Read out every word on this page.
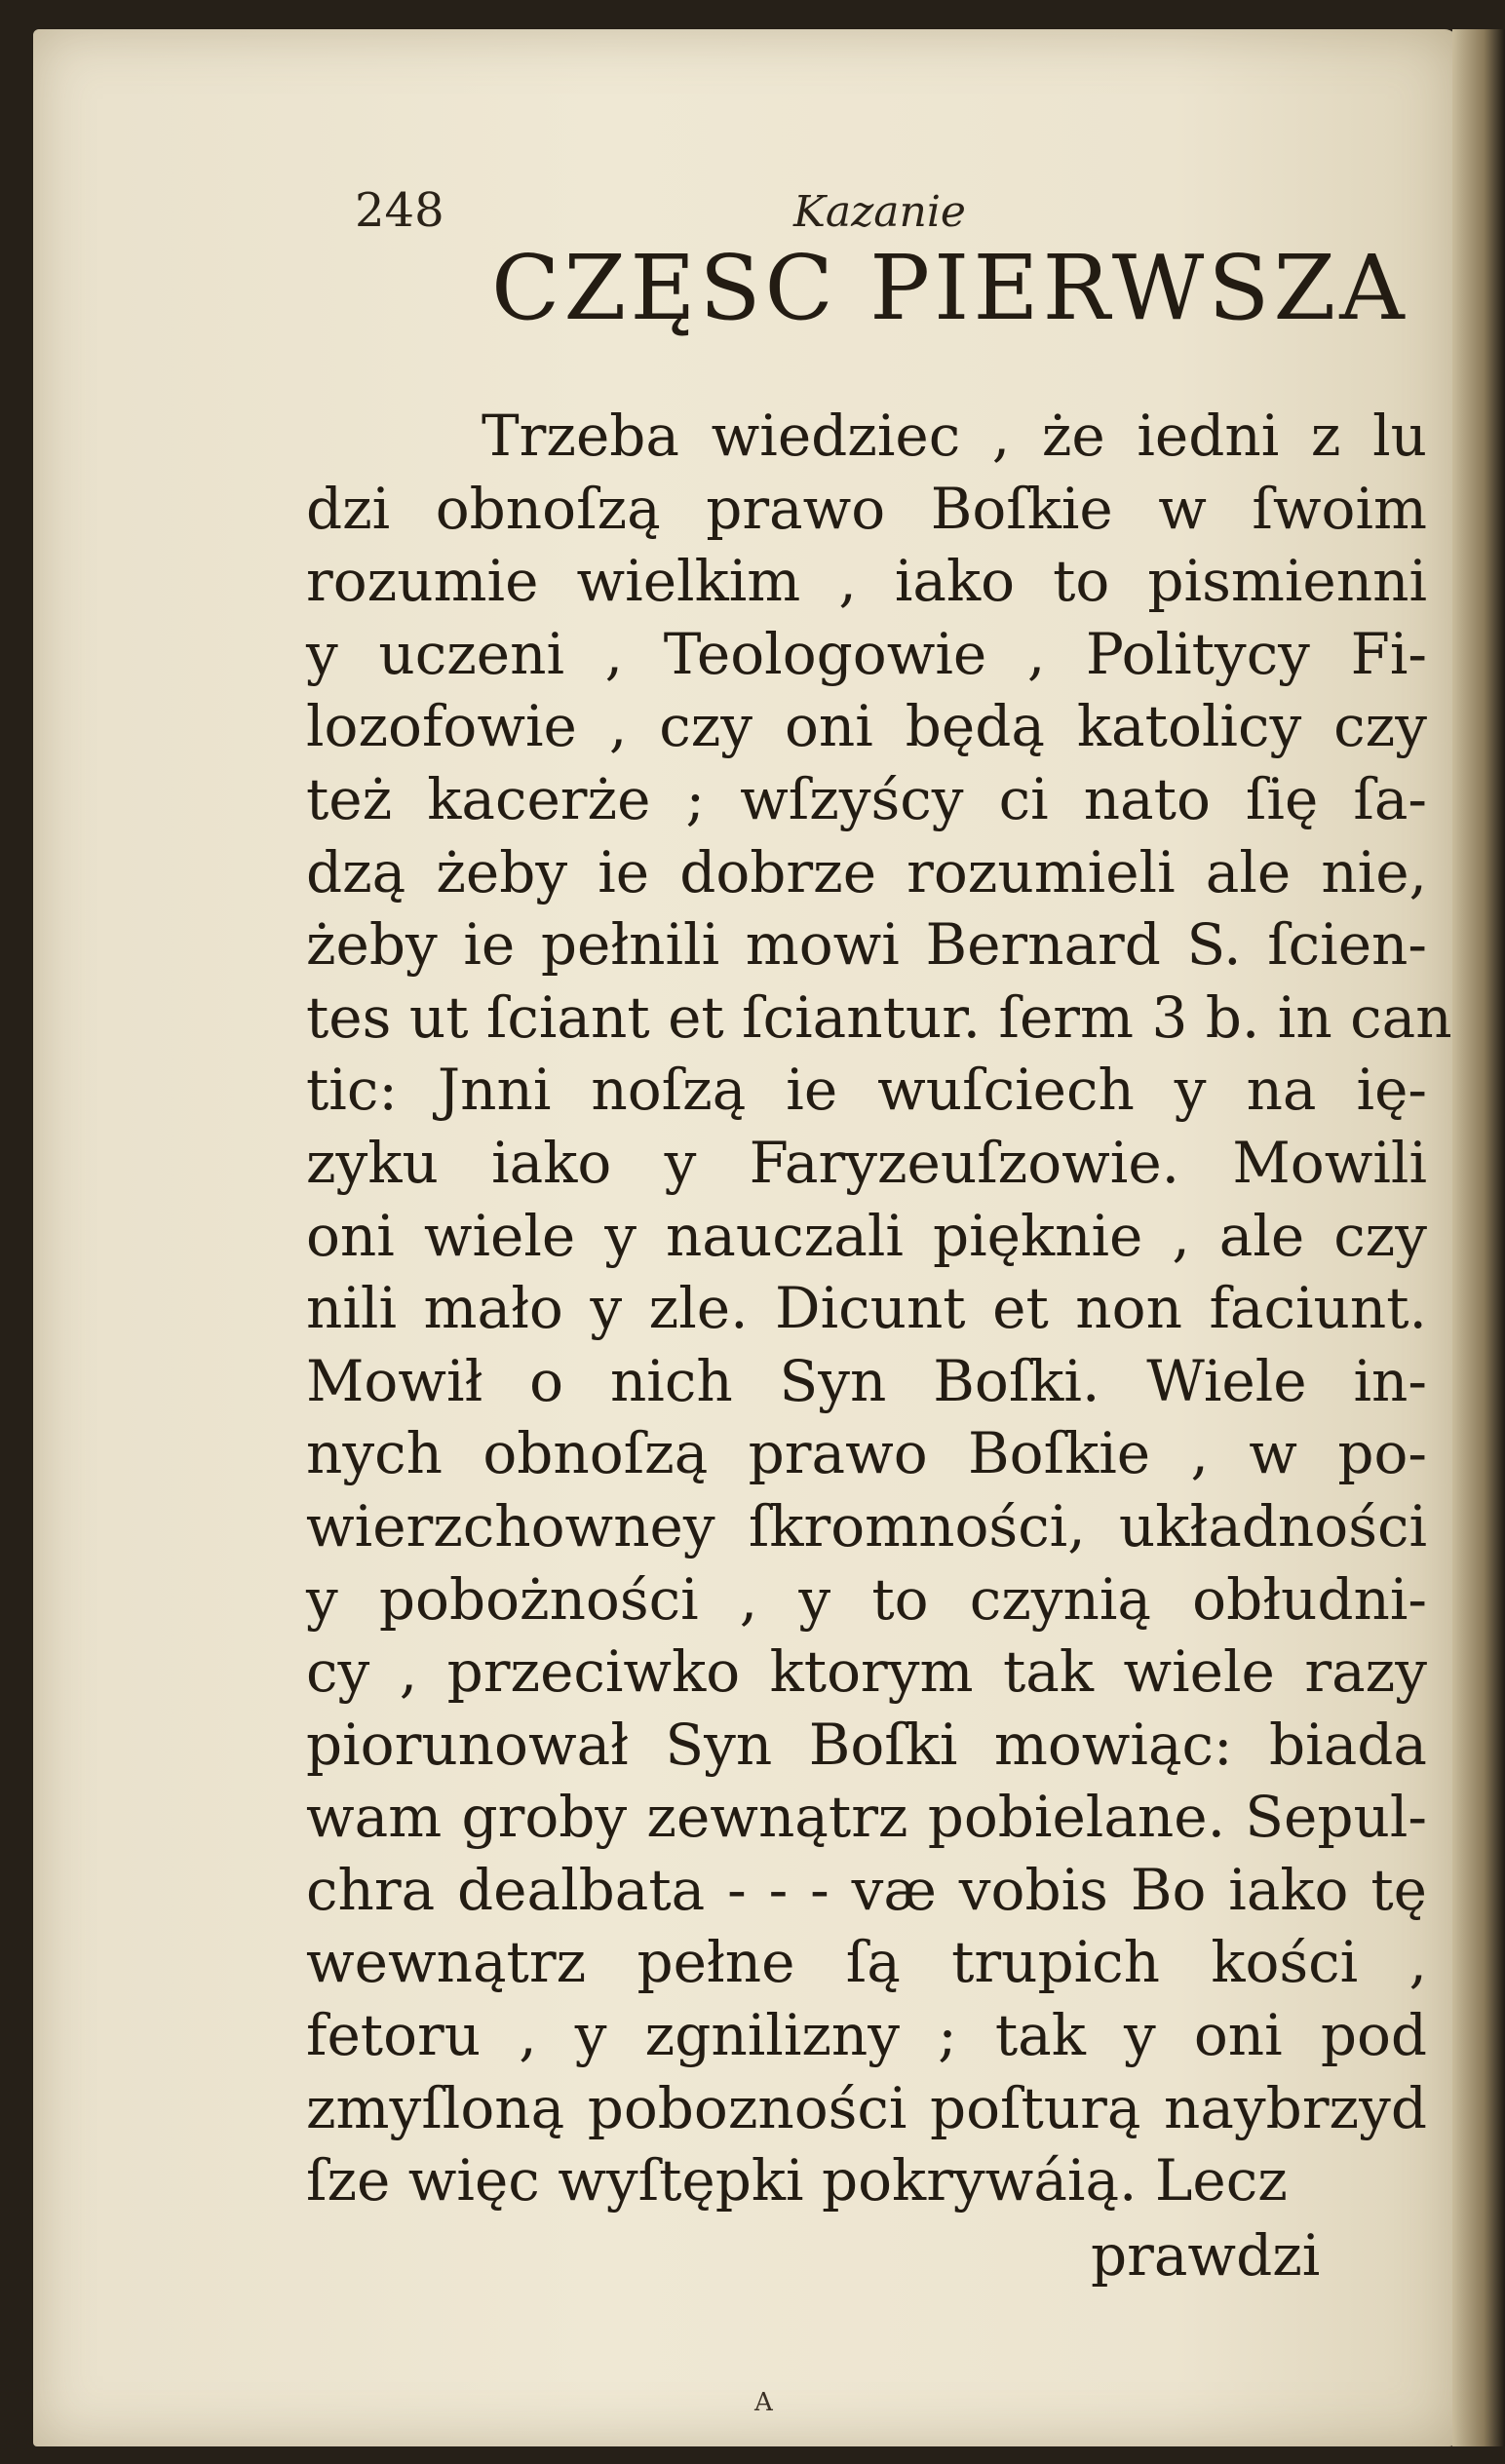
248	Kazanie
CZĘSC PIERWSZA
Trzeba wiedziec , że iedni z lu
dzi obnoſzą prawo Boſkie w ſwoim
rozumie wielkim , iako to pismienni
y uczeni , Teologowie , Politycy Fi-
lozofowie , czy oni będą katolicy czy
też kacerże ; wſzyścy ci nato ſię ſa-
dzą żeby ie dobrze rozumieli ale nie,
żeby ie pełnili mowi Bernard S. ſcien-
tes ut ſciant et ſciantur. ſerm 3 b. in can
tic: Jnni noſzą ie wuſciech y na ię-
zyku iako y Faryzeuſzowie. Mowili
oni wiele y nauczali pięknie , ale czy
nili mało y zle. Dicunt et non faciunt.
Mowił o nich Syn Boſki. Wiele in-
nych obnoſzą prawo Boſkie , w po-
wierzchowney ſkromności, układności
y pobożności , y to czynią obłudni-
cy , przeciwko ktorym tak wiele razy
piorunował Syn Boſki mowiąc: biada
wam groby zewnątrz pobielane. Sepul-
chra dealbata - - - væ vobis Bo iako tę
wewnątrz pełne ſą trupich kości ,
fetoru , y zgnilizny ; tak y oni pod
zmyſloną pobozności poſturą naybrzyd
ſze więc wyſtępki pokrywáią. Lecz
prawdzi
A
